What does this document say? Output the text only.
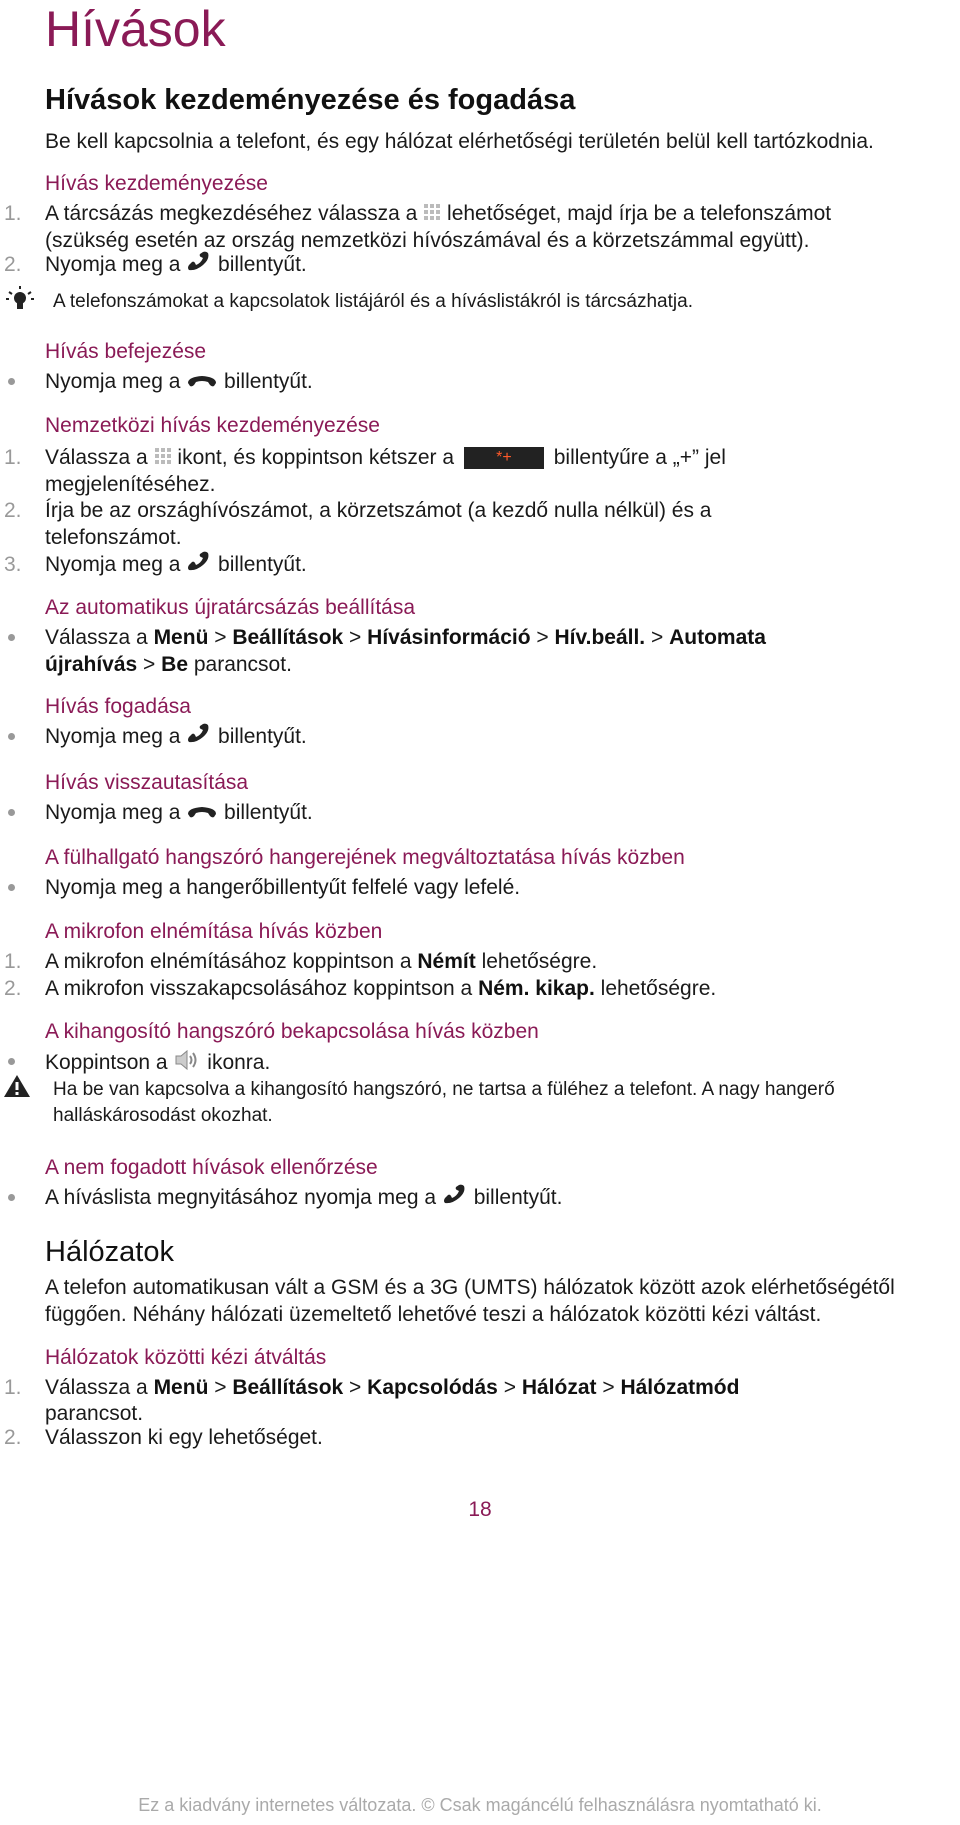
Hívások
Hívások kezdeményezése és fogadása
Be kell kapcsolnia a telefont, és egy hálózat elérhetőségi területén belül kell tartózkodnia.
Hívás kezdeményezése
1. A tárcsázás megkezdéséhez válassza a  lehetőséget, majd írja be a telefonszámot
(szükség esetén az ország nemzetközi hívószámával és a körzetszámmal együtt).
2. Nyomja meg a  billentyűt.
A telefonszámokat a kapcsolatok listájáról és a híváslistákról is tárcsázhatja.
Hívás befejezése
Nyomja meg a  billentyűt.
Nemzetközi hívás kezdeményezése
1. Válassza a  ikont, és koppintson kétszer a *+ billentyűre a „+” jel
megjelenítéséhez.
2. Írja be az országhívószámot, a körzetszámot (a kezdő nulla nélkül) és a
telefonszámot.
3. Nyomja meg a  billentyűt.
Az automatikus újratárcsázás beállítása
Válassza a Menü > Beállítások > Hívásinformáció > Hív.beáll. > Automata
újrahívás > Be parancsot.
Hívás fogadása
Nyomja meg a  billentyűt.
Hívás visszautasítása
Nyomja meg a  billentyűt.
A fülhallgató hangszóró hangerejének megváltoztatása hívás közben
Nyomja meg a hangerőbillentyűt felfelé vagy lefelé.
A mikrofon elnémítása hívás közben
1. A mikrofon elnémításához koppintson a Némít lehetőségre.
2. A mikrofon visszakapcsolásához koppintson a Ném. kikap. lehetőségre.
A kihangosító hangszóró bekapcsolása hívás közben
Koppintson a  ikonra.
Ha be van kapcsolva a kihangosító hangszóró, ne tartsa a füléhez a telefont. A nagy hangerő
halláskárosodást okozhat.
A nem fogadott hívások ellenőrzése
A híváslista megnyitásához nyomja meg a  billentyűt.
Hálózatok
A telefon automatikusan vált a GSM és a 3G (UMTS) hálózatok között azok elérhetőségétől
függően. Néhány hálózati üzemeltető lehetővé teszi a hálózatok közötti kézi váltást.
Hálózatok közötti kézi átváltás
1. Válassza a Menü > Beállítások > Kapcsolódás > Hálózat > Hálózatmód
parancsot.
2. Válasszon ki egy lehetőséget.
18
Ez a kiadvány internetes változata. © Csak magáncélú felhasználásra nyomtatható ki.
